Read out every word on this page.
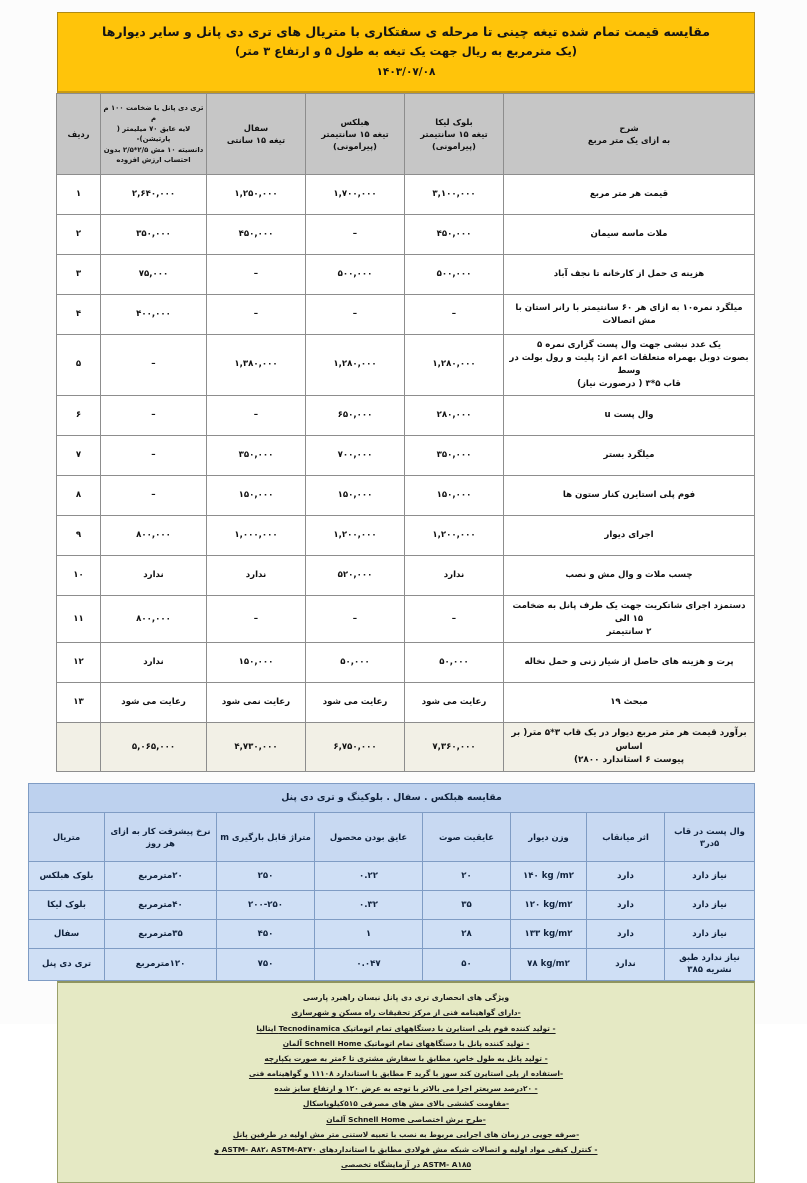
مقایسه قیمت تمام شده تیغه چینی تا مرحله ی سفتکاری با متریال های تری دی پانل و سایر دیوارها
(یک مترمربع به ریال جهت یک تیغه به طول ۵ و ارتفاع ۳ متر)
۱۴۰۳/۰۷/۰۸
شرح
به ازای یک متر مربع	بلوک لیکا
تیغه ۱۵ سانتیمتر
(پیرامونی)	هبلکس
تیغه ۱۵ سانتیمتر (پیرامونی)	سفال
تیغه ۱۵ سانتی	تری دی پانل با ضخامت ۱۰۰ م م
لایه عایق ۷۰ میلیمتر ( پارتیشن)-
دانسیته ۱۰ مش ۲/۵*۲/۵ بدون
احتساب ارزش افزوده	ردیف
قیمت هر متر مربع	۳,۱۰۰,۰۰۰	۱,۷۰۰,۰۰۰	۱,۲۵۰,۰۰۰	۲,۶۴۰,۰۰۰	۱
ملات ماسه سیمان	۴۵۰,۰۰۰	–	۴۵۰,۰۰۰	۳۵۰,۰۰۰	۲
هزینه ی حمل از کارخانه تا نجف آباد	۵۰۰,۰۰۰	۵۰۰,۰۰۰	–	۷۵,۰۰۰	۳
میلگرد نمره۱۰ به ازای هر ۶۰ سانتیمتر با رانر استان با مش اتصالات	–	–	–	۴۰۰,۰۰۰	۴
یک عدد نبشی جهت وال پست گزاری نمره ۵
بصوت دوبل بهمراه متعلقات اعم از: پلیت و رول بولت در وسط
قاب ۵*۳ ( درصورت نیاز)	۱,۲۸۰,۰۰۰	۱,۲۸۰,۰۰۰	۱,۳۸۰,۰۰۰	–	۵
وال پست u	۲۸۰,۰۰۰	۶۵۰,۰۰۰	–	–	۶
میلگرد بستر	۳۵۰,۰۰۰	۷۰۰,۰۰۰	۳۵۰,۰۰۰	–	۷
فوم پلی استایرن کنار ستون ها	۱۵۰,۰۰۰	۱۵۰,۰۰۰	۱۵۰,۰۰۰	–	۸
اجرای دیوار	۱,۲۰۰,۰۰۰	۱,۲۰۰,۰۰۰	۱,۰۰۰,۰۰۰	۸۰۰,۰۰۰	۹
چسب ملات و وال مش و نصب	ندارد	۵۲۰,۰۰۰	ندارد	ندارد	۱۰
دستمزد اجرای شاتکریت جهت یک طرف پانل به ضخامت ۱۵ الی
۲ سانتیمتر	–	–	–	۸۰۰,۰۰۰	۱۱
پرت و هزینه های حاصل از شیار زنی و حمل نخاله	۵۰,۰۰۰	۵۰,۰۰۰	۱۵۰,۰۰۰	ندارد	۱۲
مبحث ۱۹	رعایت می شود	رعایت می شود	رعایت نمی شود	رعایت می شود	۱۳
برآورد قیمت هر متر مربع دیوار در یک قاب ۳*۵ متر( بر اساس
پیوست ۶ استاندارد ۲۸۰۰)	۷,۳۶۰,۰۰۰	۶,۷۵۰,۰۰۰	۴,۷۳۰,۰۰۰	۵,۰۶۵,۰۰۰	
مقایسه هبلکس . سفال . بلوکینگ و تری دی پنل							
وال پست در قاب ۵در۳	اثر میانقاب	وزن دیوار	عایقیت صوت	عایق بودن محصول	متراژ قابل بارگیری m	نرخ پیشرفت کار به ازای هر روز	متریال
نیاز دارد	دارد	۱۴۰ kg /m۲	۲۰	۰.۲۲	۲۵۰	۲۰مترمربع	بلوک هبلکس
نیاز دارد	دارد	۱۲۰ kg/m۲	۳۵	۰.۳۲	۲۰۰-۲۵۰	۴۰مترمربع	بلوک لیکا
نیاز دارد	دارد	۱۳۳ kg/m۲	۲۸	۱	۴۵۰	۳۵مترمربع	سفال
نیاز ندارد طبق نشریه ۳۸۵	ندارد	۷۸ kg/m۲	۵۰	۰.۰۴۷	۷۵۰	۱۲۰مترمربع	تری دی پنل
ویژگی های انحصاری تری دی پانل نبسان راهبرد پارسی
-دارای گواهینامه فنی از مرکز تحقیقات راه مسکن و شهرسازی
- تولید کننده فوم پلی استایرن با دستگاههای تمام اتوماتیک Tecnodinamica ایتالیا
- تولید کننده پانل با دستگاههای تمام اتوماتیک Schnell Home آلمان
- تولید پانل به طول خاص، مطابق با سفارش مشتری تا ۶متر به صورت یکپارچه
-استفاده از پلی استایرن کند سوز با گرید F مطابق با استاندارد ۱۱۱۰۸ و گواهینامه فنی
- ۲۰درصد سریعتر اجرا می بالاتر با توجه به عرض ۱۲۰ و ارتفاع سایز شده
-مقاومت کششی بالای مش های مصرفی ۵۱۵کیلوپاسکال
-طرح برش اختصاصی Schnell Home آلمان
-صرفه جویی در زمان های اجرایی مربوط به نصب با تعبیه لاستنی متر مش اولیه در طرفین پانل
- کنترل کیفی مواد اولیه و اتصالات شبکه مش فولادی مطابق با استانداردهای ASTM- A۸۲، ASTM-A۳۷۰ و
ASTM- A۱۸۵ در آزمایشگاه تخصصی
